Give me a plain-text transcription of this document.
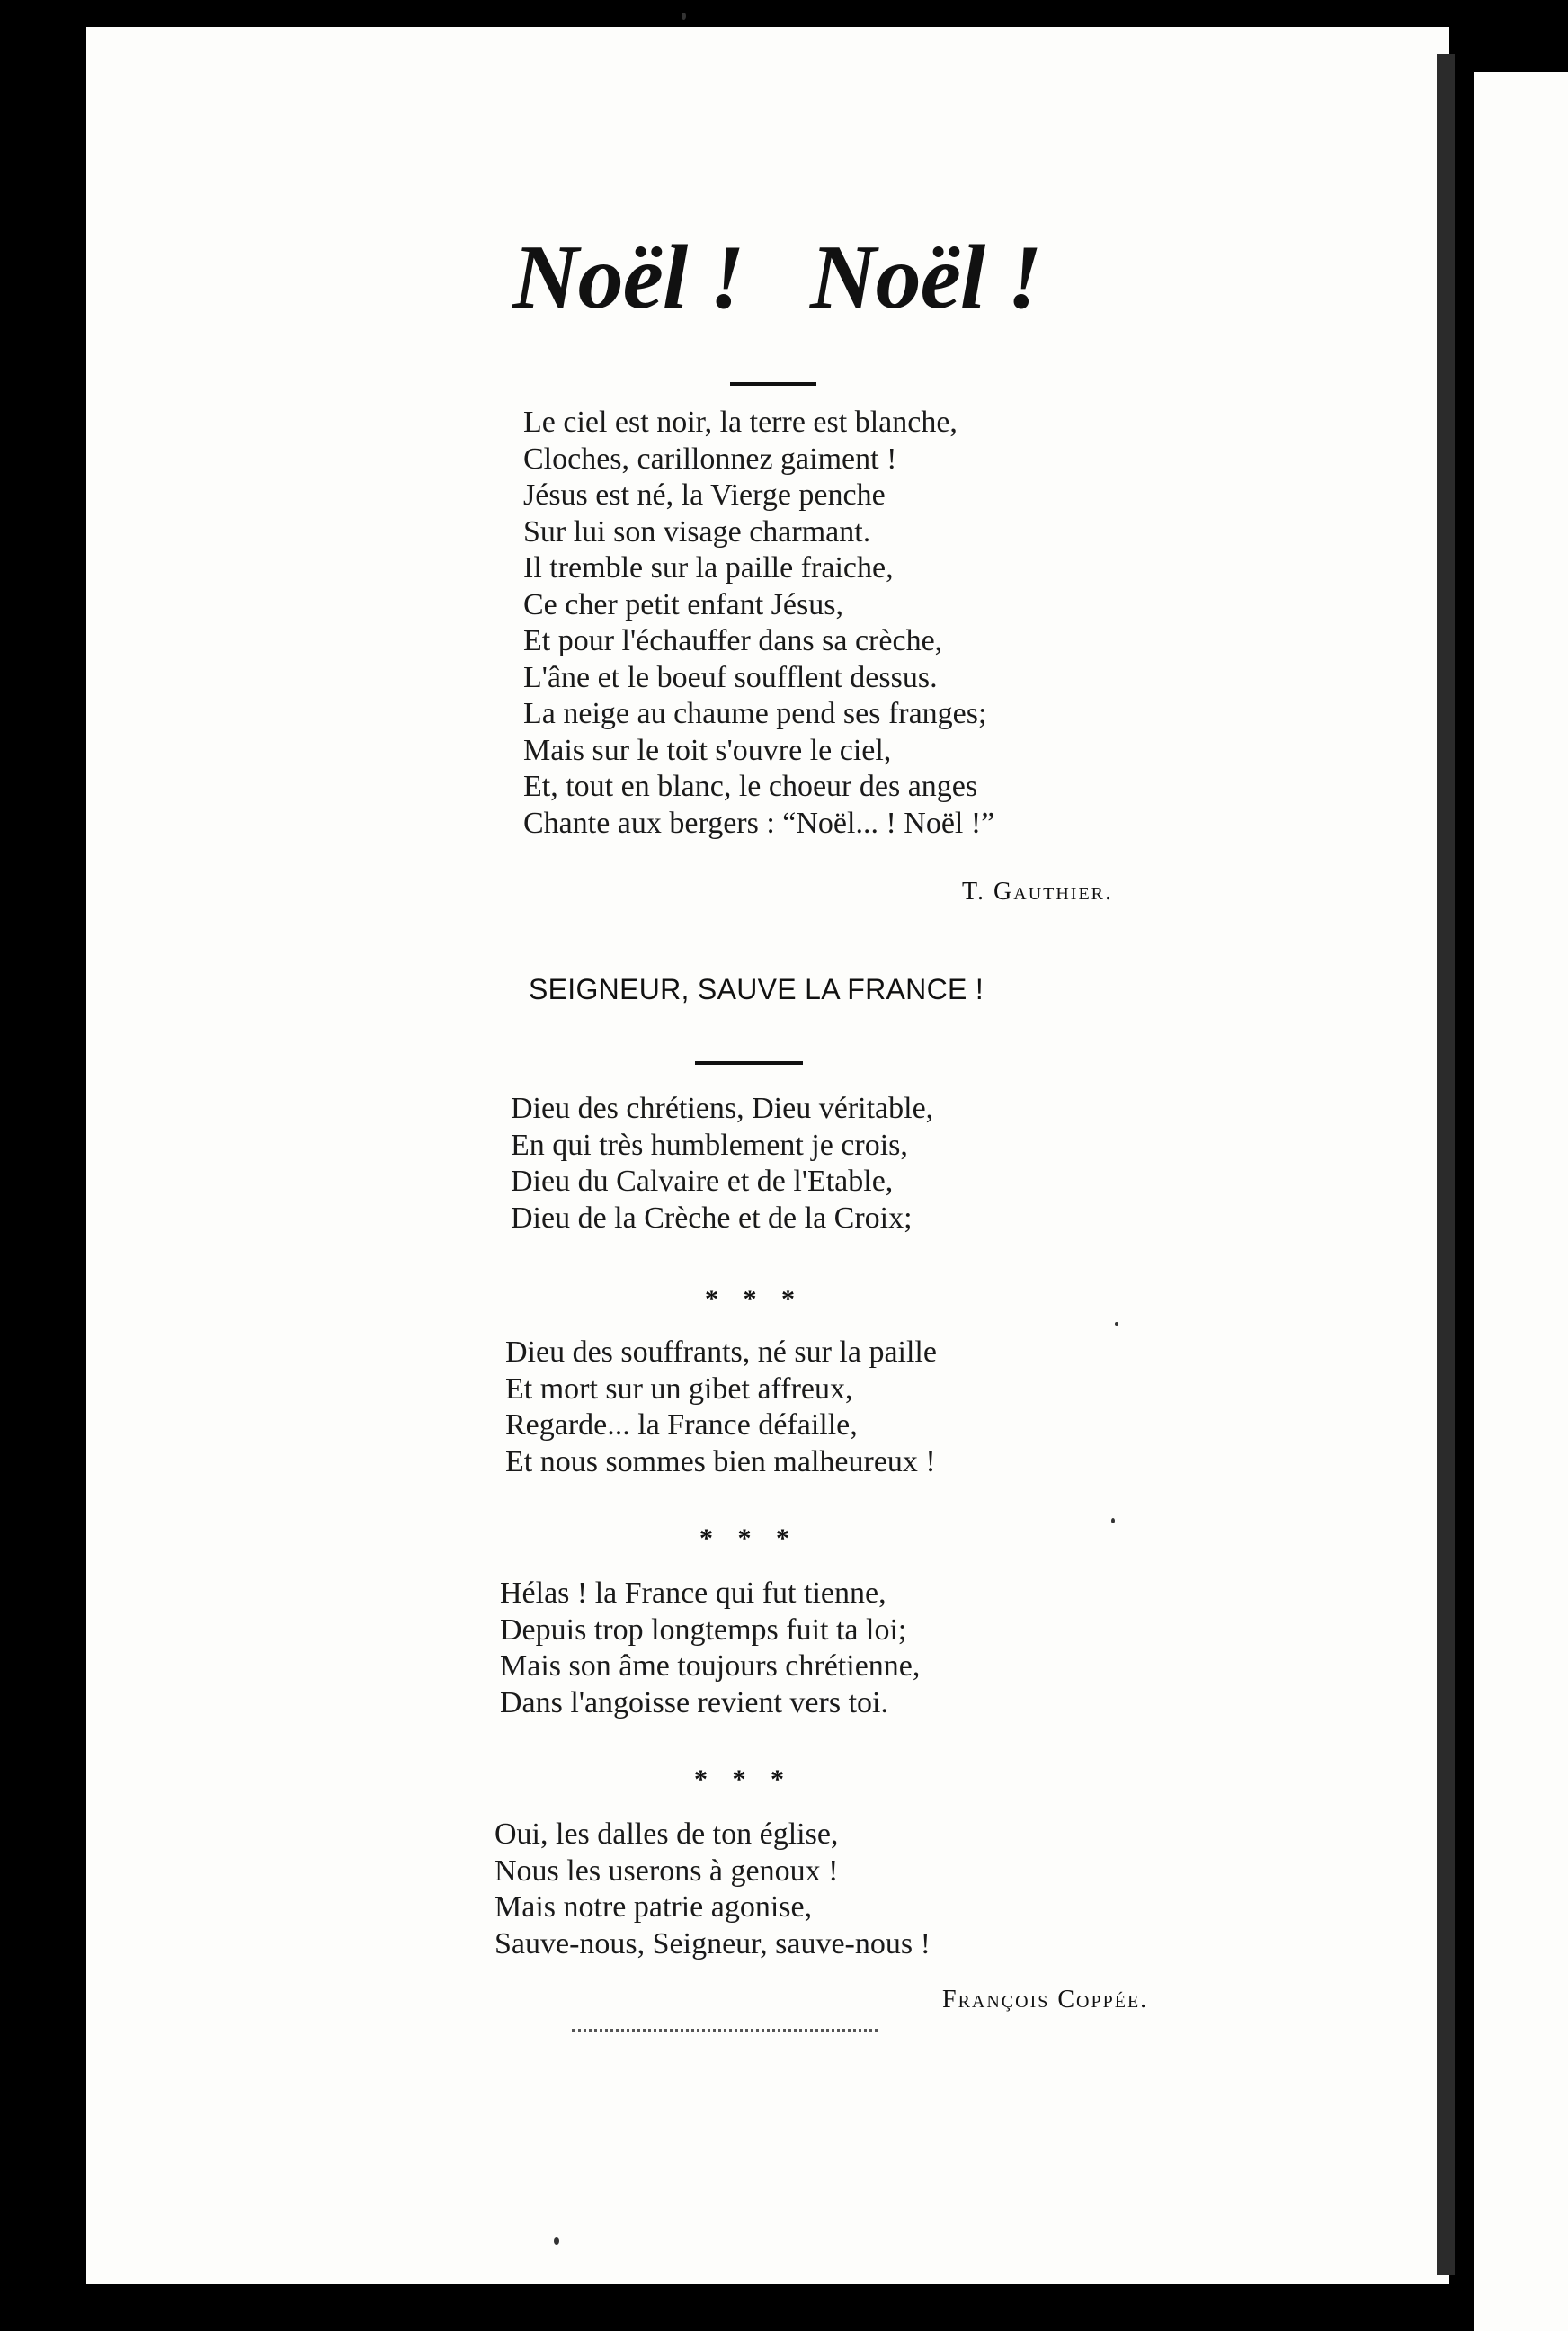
Noël ! Noël !
Le ciel est noir, la terre est blanche,
Cloches, carillonnez gaiment !
Jésus est né, la Vierge penche
Sur lui son visage charmant.
Il tremble sur la paille fraiche,
Ce cher petit enfant Jésus,
Et pour l'échauffer dans sa crèche,
L'âne et le boeuf soufflent dessus.
La neige au chaume pend ses franges;
Mais sur le toit s'ouvre le ciel,
Et, tout en blanc, le choeur des anges
Chante aux bergers : “Noël... ! Noël !”
T. Gauthier.
SEIGNEUR, SAUVE LA FRANCE !
Dieu des chrétiens, Dieu véritable,
En qui très humblement je crois,
Dieu du Calvaire et de l'Etable,
Dieu de la Crèche et de la Croix;
* * *
Dieu des souffrants, né sur la paille
Et mort sur un gibet affreux,
Regarde... la France défaille,
Et nous sommes bien malheureux !
* * *
Hélas ! la France qui fut tienne,
Depuis trop longtemps fuit ta loi;
Mais son âme toujours chrétienne,
Dans l'angoisse revient vers toi.
* * *
Oui, les dalles de ton église,
Nous les userons à genoux !
Mais notre patrie agonise,
Sauve-nous, Seigneur, sauve-nous !
François Coppée.
